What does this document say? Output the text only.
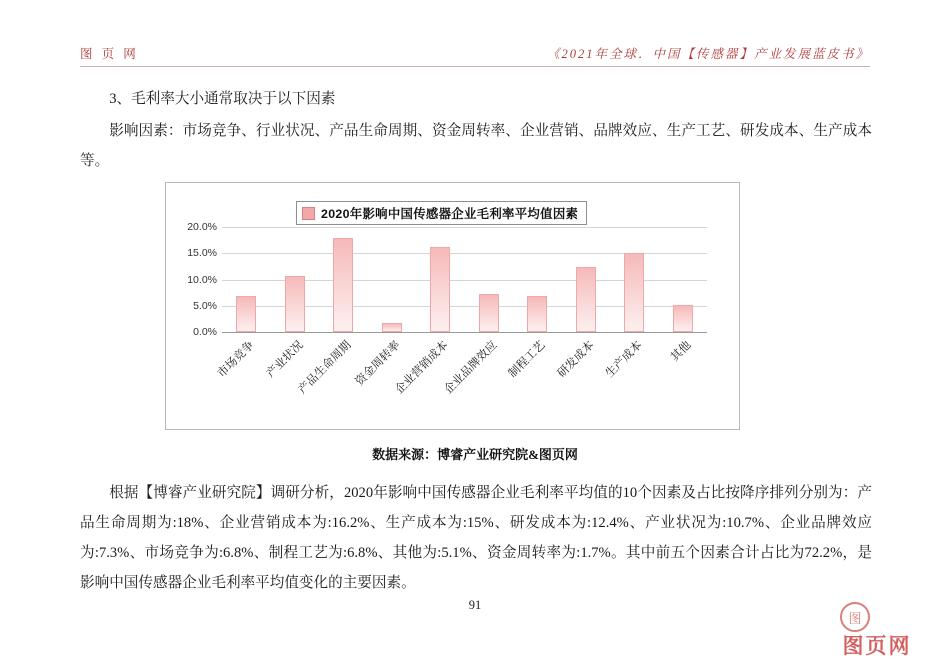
图 页 网	《2021年全球．中国【传感器】产业发展蓝皮书》
3、毛利率大小通常取决于以下因素
影响因素：市场竞争、行业状况、产品生命周期、资金周转率、企业营销、品牌效应、生产工艺、研发成本、生产成本等。
2020年影响中国传感器企业毛利率平均值因素
20.0%
15.0%
10.0%
5.0%
0.0%
市场竞争 产业状况
产品生命周期 资金周转率
企业营销成本
企业品牌效应 制程工艺 研发成本 生产成本 其他
数据来源：博睿产业研究院&图页网
根据【博睿产业研究院】调研分析，2020年影响中国传感器企业毛利率平均值的10个因素及占比按降序排列分别为：产品生命周期为:18%、企业营销成本为:16.2%、生产成本为:15%、研发成本为:12.4%、产业状况为:10.7%、企业品牌效应为:7.3%、市场竞争为:6.8%、制程工艺为:6.8%、其他为:5.1%、资金周转率为:1.7%。其中前五个因素合计占比为72.2%，是影响中国传感器企业毛利率平均值变化的主要因素。
91
图
图页网
